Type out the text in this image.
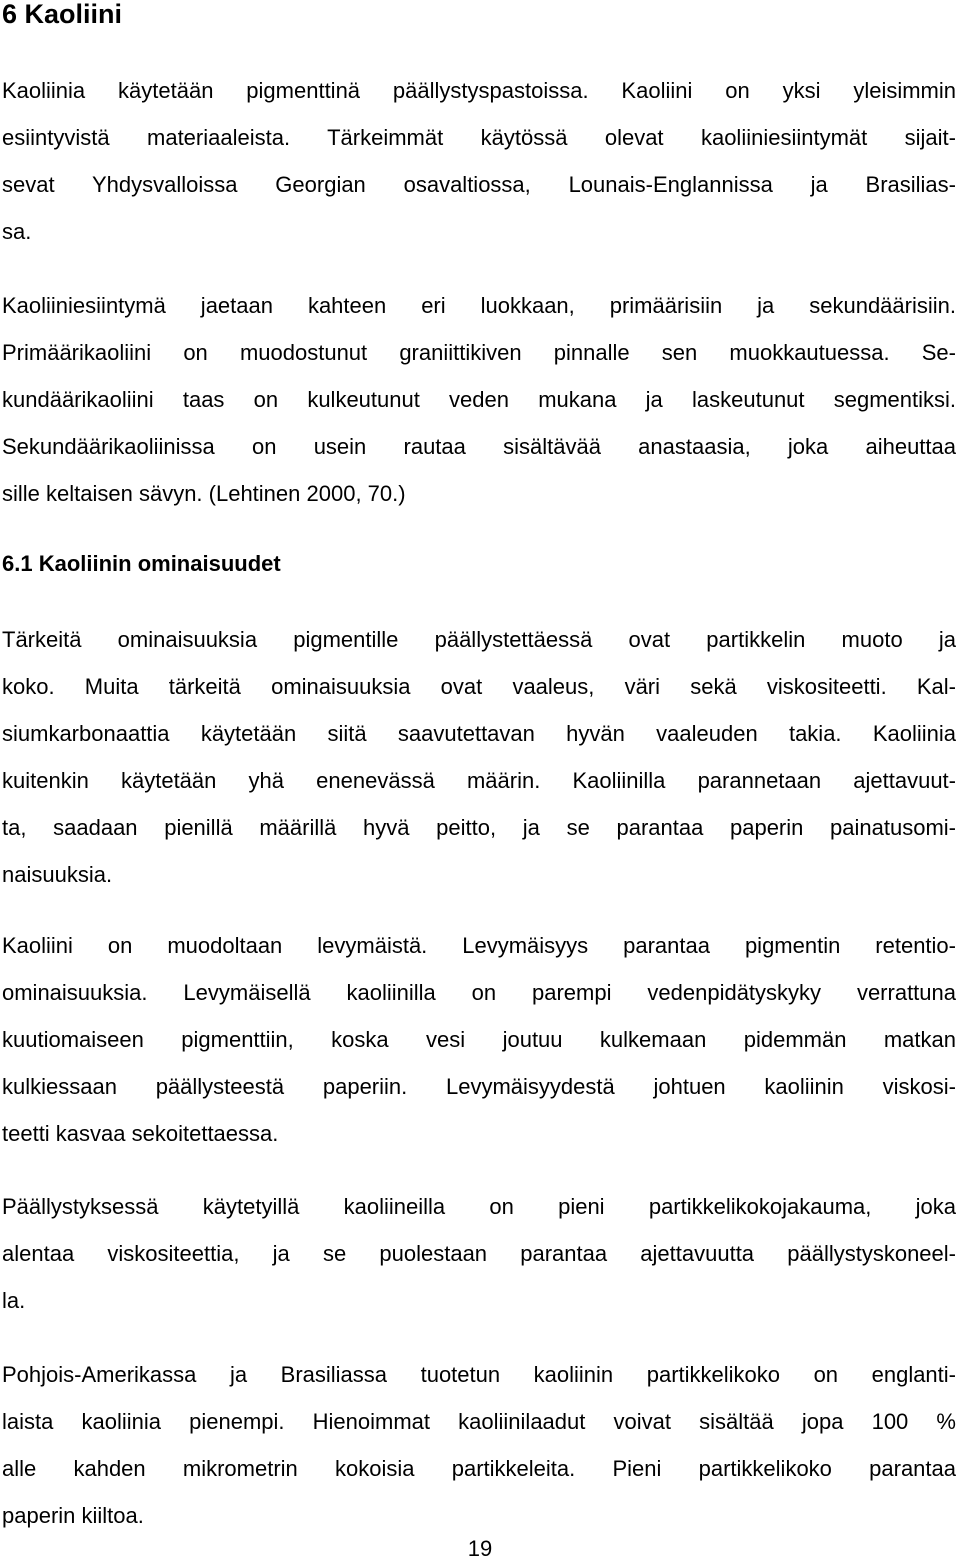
6 Kaoliini
Kaoliinia käytetään pigmenttinä päällystyspastoissa. Kaoliini on yksi yleisimmin
esiintyvistä materiaaleista. Tärkeimmät käytössä olevat kaoliiniesiintymät sijait-
sevat Yhdysvalloissa Georgian osavaltiossa, Lounais-Englannissa ja Brasilias-
sa.
Kaoliiniesiintymä jaetaan kahteen eri luokkaan, primäärisiin ja sekundäärisiin.
Primäärikaoliini on muodostunut graniittikiven pinnalle sen muokkautuessa. Se-
kundäärikaoliini taas on kulkeutunut veden mukana ja laskeutunut segmentiksi.
Sekundäärikaoliinissa on usein rautaa sisältävää anastaasia, joka aiheuttaa
sille keltaisen sävyn. (Lehtinen 2000, 70.)
6.1 Kaoliinin ominaisuudet
Tärkeitä ominaisuuksia pigmentille päällystettäessä ovat partikkelin muoto ja
koko. Muita tärkeitä ominaisuuksia ovat vaaleus, väri sekä viskositeetti. Kal-
siumkarbonaattia käytetään siitä saavutettavan hyvän vaaleuden takia. Kaoliinia
kuitenkin käytetään yhä enenevässä määrin. Kaoliinilla parannetaan ajettavuut-
ta, saadaan pienillä määrillä hyvä peitto, ja se parantaa paperin painatusomi-
naisuuksia.
Kaoliini on muodoltaan levymäistä. Levymäisyys parantaa pigmentin retentio-
ominaisuuksia. Levymäisellä kaoliinilla on parempi vedenpidätyskyky verrattuna
kuutiomaiseen pigmenttiin, koska vesi joutuu kulkemaan pidemmän matkan
kulkiessaan päällysteestä paperiin. Levymäisyydestä johtuen kaoliinin viskosi-
teetti kasvaa sekoitettaessa.
Päällystyksessä käytetyillä kaoliineilla on pieni partikkelikokojakauma, joka
alentaa viskositeettia, ja se puolestaan parantaa ajettavuutta päällystyskoneel-
la.
Pohjois-Amerikassa ja Brasiliassa tuotetun kaoliinin partikkelikoko on englanti-
laista kaoliinia pienempi. Hienoimmat kaoliinilaadut voivat sisältää jopa 100 %
alle kahden mikrometrin kokoisia partikkeleita. Pieni partikkelikoko parantaa
paperin kiiltoa.
19
